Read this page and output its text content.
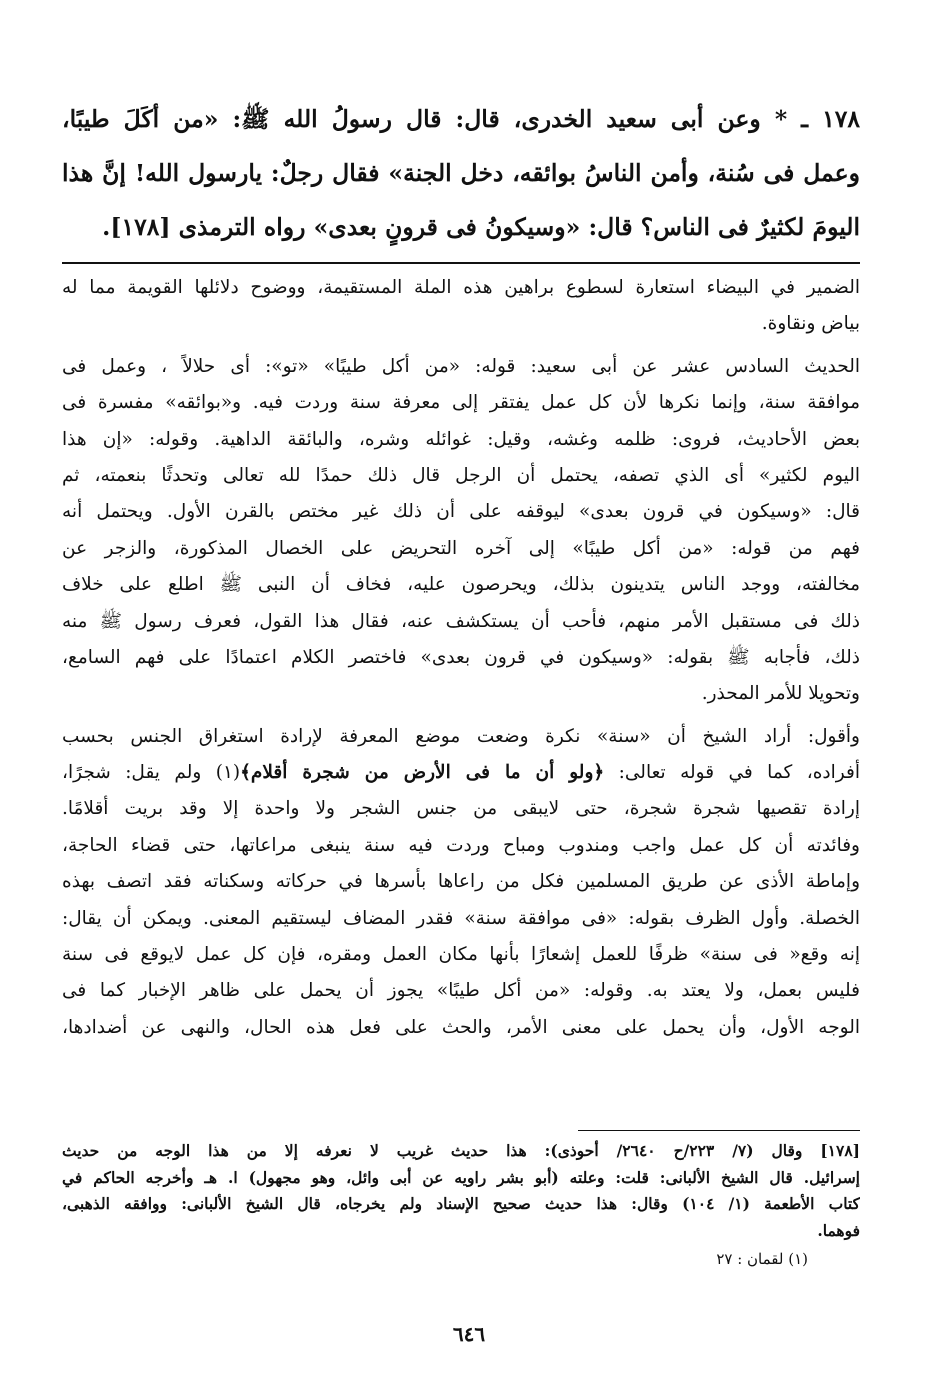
١٧٨ ـ * وعن أبى سعيد الخدرى، قال: قال رسولُ الله ﷺ: «من أكَلَ طيبًا،
وعمل فى سُنة، وأمن الناسُ بوائقه، دخل الجنة» فقال رجلٌ: يارسول الله! إنَّ هذا
اليومَ لكثيرٌ فى الناس؟ قال: «وسيكونُ فى قرونٍ بعدى» رواه الترمذى [١٧٨].
الضمير في البيضاء استعارة لسطوع براهين هذه الملة المستقيمة، ووضوح دلائلها القويمة مما له
بياض ونقاوة.
الحديث السادس عشر عن أبى سعيد: قوله: «من أكل طيبًا» «تو»: أى حلالاً ، وعمل فى
موافقة سنة، وإنما نكرها لأن كل عمل يفتقر إلى معرفة سنة وردت فيه. و«بوائقه» مفسرة فى
بعض الأحاديث، فروى: ظلمه وغشه، وقيل: غوائله وشره، والبائقة الداهية. وقوله: «إن هذا
اليوم لكثير» أى الذي تصفه، يحتمل أن الرجل قال ذلك حمدًا لله تعالى وتحدثًا بنعمته، ثم
قال: «وسيكون في قرون بعدى» ليوقفه على أن ذلك غير مختص بالقرن الأول. ويحتمل أنه
فهم من قوله: «من أكل طيبًا» إلى آخره التحريض على الخصال المذكورة، والزجر عن
مخالفته، ووجد الناس يتدينون بذلك، ويحرصون عليه، فخاف أن النبى ﷺ اطلع على خلاف
ذلك فى مستقبل الأمر منهم، فأحب أن يستكشف عنه، فقال هذا القول، فعرف رسول ﷺ منه
ذلك، فأجابه ﷺ بقوله: «وسيكون في قرون بعدى» فاختصر الكلام اعتمادًا على فهم السامع،
وتحويلا للأمر المحذر.
وأقول: أراد الشيخ أن «سنة» نكرة وضعت موضع المعرفة لإرادة استغراق الجنس بحسب
أفراده، كما في قوله تعالى: ﴿ولو أن ما فى الأرض من شجرة أقلام﴾(١) ولم يقل: شجرًا،
إرادة تقصيها شجرة شجرة، حتى لايبقى من جنس الشجر ولا واحدة إلا وقد بريت أقلامًا.
وفائدته أن كل عمل واجب ومندوب ومباح وردت فيه سنة ينبغى مراعاتها، حتى قضاء الحاجة،
وإماطة الأذى عن طريق المسلمين فكل من راعاها بأسرها في حركاته وسكناته فقد اتصف بهذه
الخصلة. وأول الظرف بقوله: «فى موافقة سنة» فقدر المضاف ليستقيم المعنى. ويمكن أن يقال:
إنه وقع« فى سنة» ظرفًا للعمل إشعارًا بأنها مكان العمل ومقره، فإن كل عمل لايوقع فى سنة
فليس بعمل، ولا يعتد به. وقوله: «من أكل طيبًا» يجوز أن يحمل على ظاهر الإخبار كما فى
الوجه الأول، وأن يحمل على معنى الأمر، والحث على فعل هذه الحال، والنهى عن أضدادها،
[١٧٨] وقال (٧/ ٢٢٣/ح ٢٦٤٠/ أحوذى): هذا حديث غريب لا نعرفه إلا من هذا الوجه من حديث
إسرائيل. قال الشيخ الألبانى: قلت: وعلته (أبو بشر راويه عن أبى وائل، وهو مجهول) ا. هـ وأخرجه الحاكم في
كتاب الأطعمة (١/ ١٠٤) وقال: هذا حديث صحيح الإسناد ولم يخرجاه، قال الشيخ الألبانى: ووافقه الذهبى،
فوهما.
(١) لقمان : ٢٧
٦٤٦
